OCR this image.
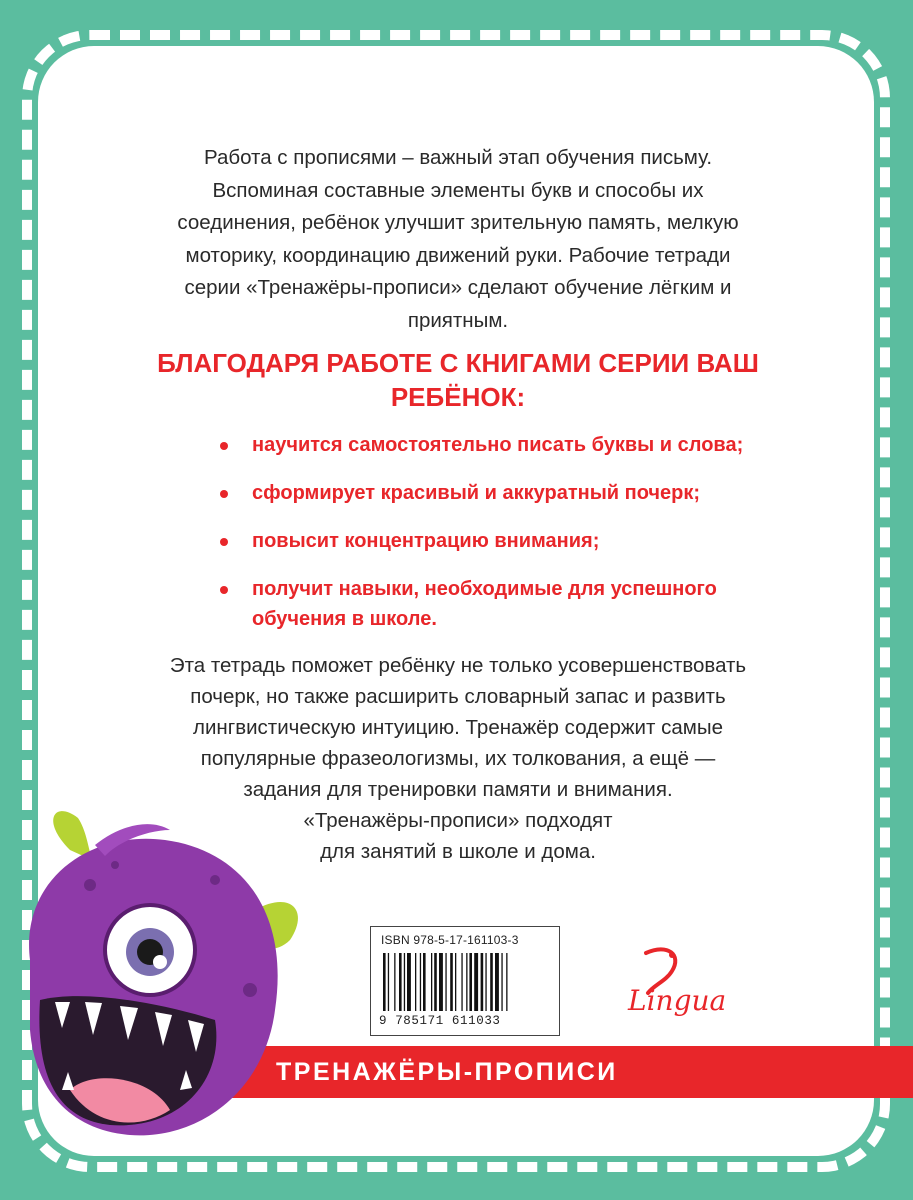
Работа с прописями – важный этап обучения письму.
Вспоминая составные элементы букв и способы их
соединения, ребёнок улучшит зрительную память, мелкую
моторику, координацию движений руки. Рабочие тетради
серии «Тренажёры-прописи» сделают обучение лёгким и
приятным.
БЛАГОДАРЯ РАБОТЕ С КНИГАМИ СЕРИИ ВАШ
РЕБЁНОК:
научится самостоятельно писать буквы и слова;
сформирует красивый и аккуратный почерк;
повысит концентрацию внимания;
получит навыки, необходимые для успешного обучения в школе.
Эта тетрадь поможет ребёнку не только усовершенствовать
почерк, но также расширить словарный запас и развить
лингвистическую интуицию. Тренажёр содержит самые
популярные фразеологизмы, их толкования, а ещё —
задания для тренировки памяти и внимания.
«Тренажёры-прописи» подходят
для занятий в школе и дома.
ISBN 978-5-17-161103-3
9 785171 611033
Lingua
ТРЕНАЖЁРЫ-ПРОПИСИ
